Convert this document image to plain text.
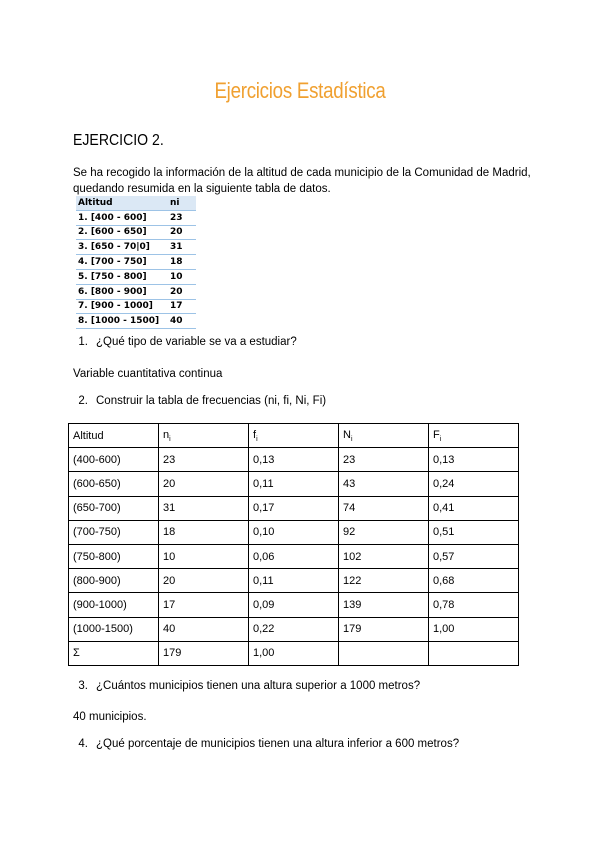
Ejercicios Estadística
EJERCICIO 2.
Se ha recogido la información de la altitud de cada municipio de la Comunidad de Madrid,
quedando resumida en la siguiente tabla de datos.
Altitud	ni
1. [400 - 600]	23
2. [600 - 650]	20
3. [650 - 70|0]	31
4. [700 - 750]	18
5. [750 - 800]	10
6. [800 - 900]	20
7. [900 - 1000]	17
8. [1000 - 1500]	40
1. ¿Qué tipo de variable se va a estudiar?
Variable cuantitativa continua
2. Construir la tabla de frecuencias (ni, fi, Ni, Fi)
Altitud	$n_i$	$f_i$	$N_i$	$F_i$
(400-600)	23	0,13	23	0,13
(600-650)	20	0,11	43	0,24
(650-700)	31	0,17	74	0,41
(700-750)	18	0,10	92	0,51
(750-800)	10	0,06	102	0,57
(800-900)	20	0,11	122	0,68
(900-1000)	17	0,09	139	0,78
(1000-1500)	40	0,22	179	1,00
Σ	179	1,00		
3. ¿Cuántos municipios tienen una altura superior a 1000 metros?
40 municipios.
4. ¿Qué porcentaje de municipios tienen una altura inferior a 600 metros?
